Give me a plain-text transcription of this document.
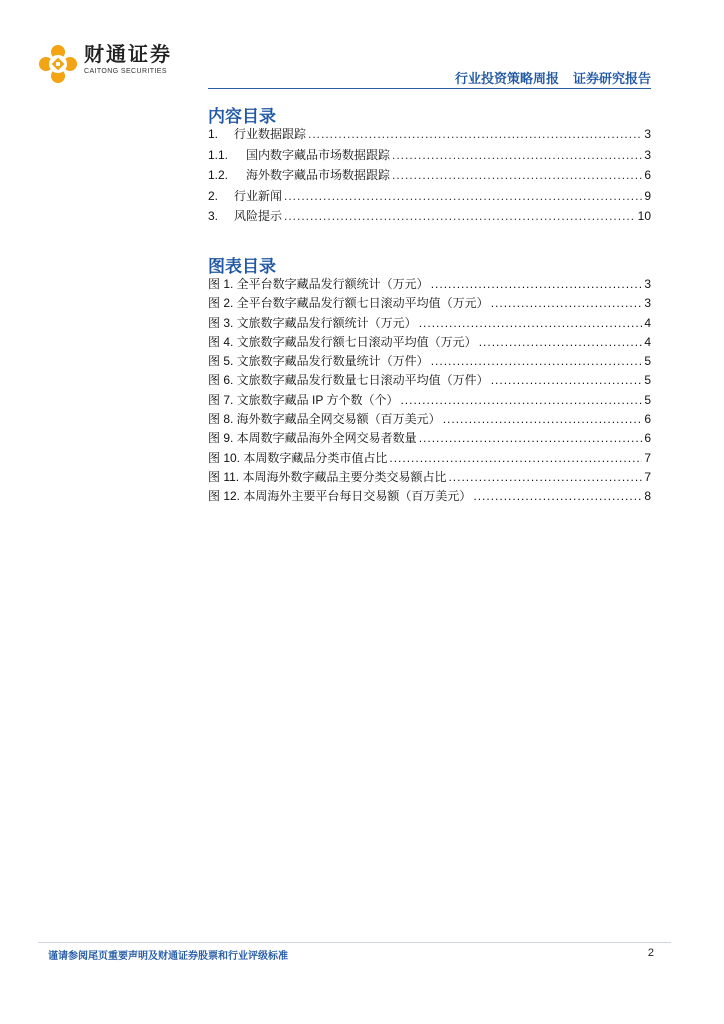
财通证券
CAITONG SECURITIES	行业投资策略周报 证券研究报告
内容目录
1.	行业数据跟踪 .....	3
1.1.	国内数字藏品市场数据跟踪 .....	3
1.2.	海外数字藏品市场数据跟踪 .....	6
2.	行业新闻 .....	9
3.	风险提示 .....	10
图表目录
图 1. 全平台数字藏品发行额统计（万元） .....	3
图 2. 全平台数字藏品发行额七日滚动平均值（万元） .....	3
图 3. 文旅数字藏品发行额统计（万元） .....	4
图 4. 文旅数字藏品发行额七日滚动平均值（万元） .....	4
图 5. 文旅数字藏品发行数量统计（万件） .....	5
图 6. 文旅数字藏品发行数量七日滚动平均值（万件） .....	5
图 7. 文旅数字藏品 IP 方个数（个） .....	5
图 8. 海外数字藏品全网交易额（百万美元） .....	6
图 9. 本周数字藏品海外全网交易者数量 .....	6
图 10. 本周数字藏品分类市值占比 .....	7
图 11. 本周海外数字藏品主要分类交易额占比 .....	7
图 12. 本周海外主要平台每日交易额（百万美元） .....	8
谨请参阅尾页重要声明及财通证券股票和行业评级标准	2
